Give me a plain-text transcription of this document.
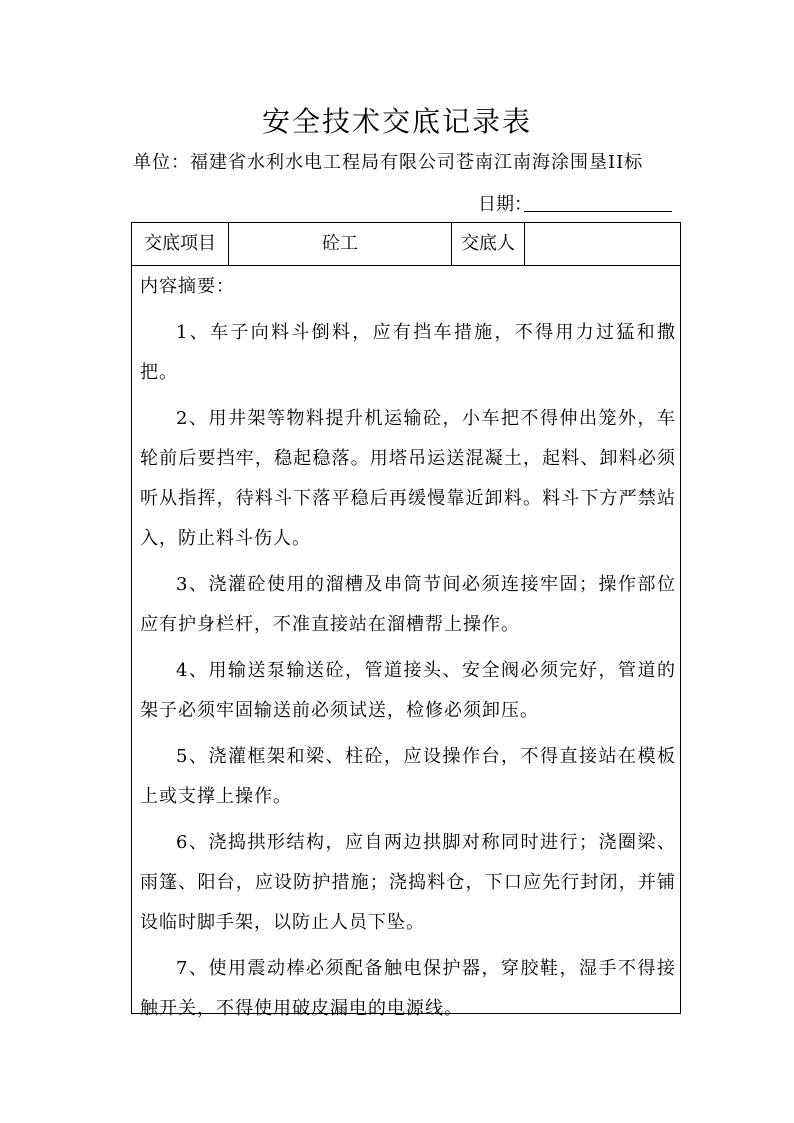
安全技术交底记录表
单位：福建省水利水电工程局有限公司苍南江南海涂围垦II标
日期：
交底项目	砼工	交底人

内容摘要：

1、车子向料斗倒料，应有挡车措施，不得用力过猛和撒把。

2、用井架等物料提升机运输砼，小车把不得伸出笼外，车轮前后要挡牢，稳起稳落。用塔吊运送混凝土，起料、卸料必须听从指挥，待料斗下落平稳后再缓慢靠近卸料。料斗下方严禁站入，防止料斗伤人。

3、浇灌砼使用的溜槽及串筒节间必须连接牢固；操作部位应有护身栏杆，不准直接站在溜槽帮上操作。

4、用输送泵输送砼，管道接头、安全阀必须完好，管道的架子必须牢固输送前必须试送，检修必须卸压。

5、浇灌框架和梁、柱砼，应设操作台，不得直接站在模板上或支撑上操作。

6、浇捣拱形结构，应自两边拱脚对称同时进行；浇圈梁、雨篷、阳台，应设防护措施；浇捣料仓，下口应先行封闭，并铺设临时脚手架，以防止人员下坠。

7、使用震动棒必须配备触电保护器，穿胶鞋，湿手不得接触开关，不得使用破皮漏电的电源线。
